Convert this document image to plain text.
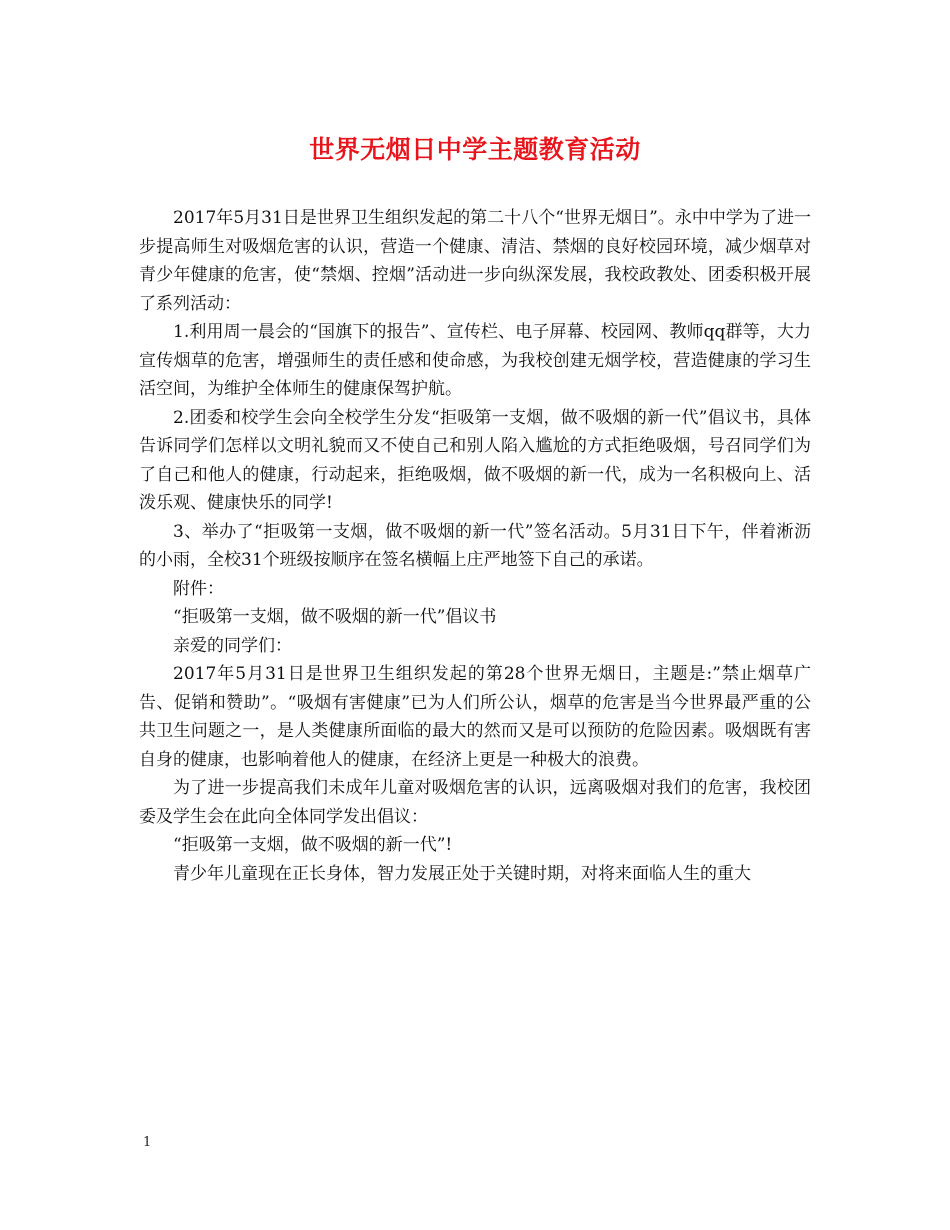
世界无烟日中学主题教育活动

2017年5月31日是世界卫生组织发起的第二十八个“世界无烟日”。永中中学为了进一步提高师生对吸烟危害的认识，营造一个健康、清洁、禁烟的良好校园环境，减少烟草对青少年健康的危害，使“禁烟、控烟”活动进一步向纵深发展，我校政教处、团委积极开展了系列活动：

1.利用周一晨会的“国旗下的报告”、宣传栏、电子屏幕、校园网、教师qq群等，大力宣传烟草的危害，增强师生的责任感和使命感，为我校创建无烟学校，营造健康的学习生活空间，为维护全体师生的健康保驾护航。

2.团委和校学生会向全校学生分发“拒吸第一支烟，做不吸烟的新一代”倡议书，具体告诉同学们怎样以文明礼貌而又不使自己和别人陷入尴尬的方式拒绝吸烟，号召同学们为了自己和他人的健康，行动起来，拒绝吸烟，做不吸烟的新一代，成为一名积极向上、活泼乐观、健康快乐的同学!

3、举办了“拒吸第一支烟，做不吸烟的新一代”签名活动。5月31日下午，伴着淅沥的小雨，全校31个班级按顺序在签名横幅上庄严地签下自己的承诺。

附件：

“拒吸第一支烟，做不吸烟的新一代”倡议书

亲爱的同学们：

2017年5月31日是世界卫生组织发起的第28个世界无烟日，主题是:”禁止烟草广告、促销和赞助”。“吸烟有害健康”已为人们所公认，烟草的危害是当今世界最严重的公共卫生问题之一，是人类健康所面临的最大的然而又是可以预防的危险因素。吸烟既有害自身的健康，也影响着他人的健康，在经济上更是一种极大的浪费。

为了进一步提高我们未成年儿童对吸烟危害的认识，远离吸烟对我们的危害，我校团委及学生会在此向全体同学发出倡议：

“拒吸第一支烟，做不吸烟的新一代”!

青少年儿童现在正长身体，智力发展正处于关键时期，对将来面临人生的重大

1
